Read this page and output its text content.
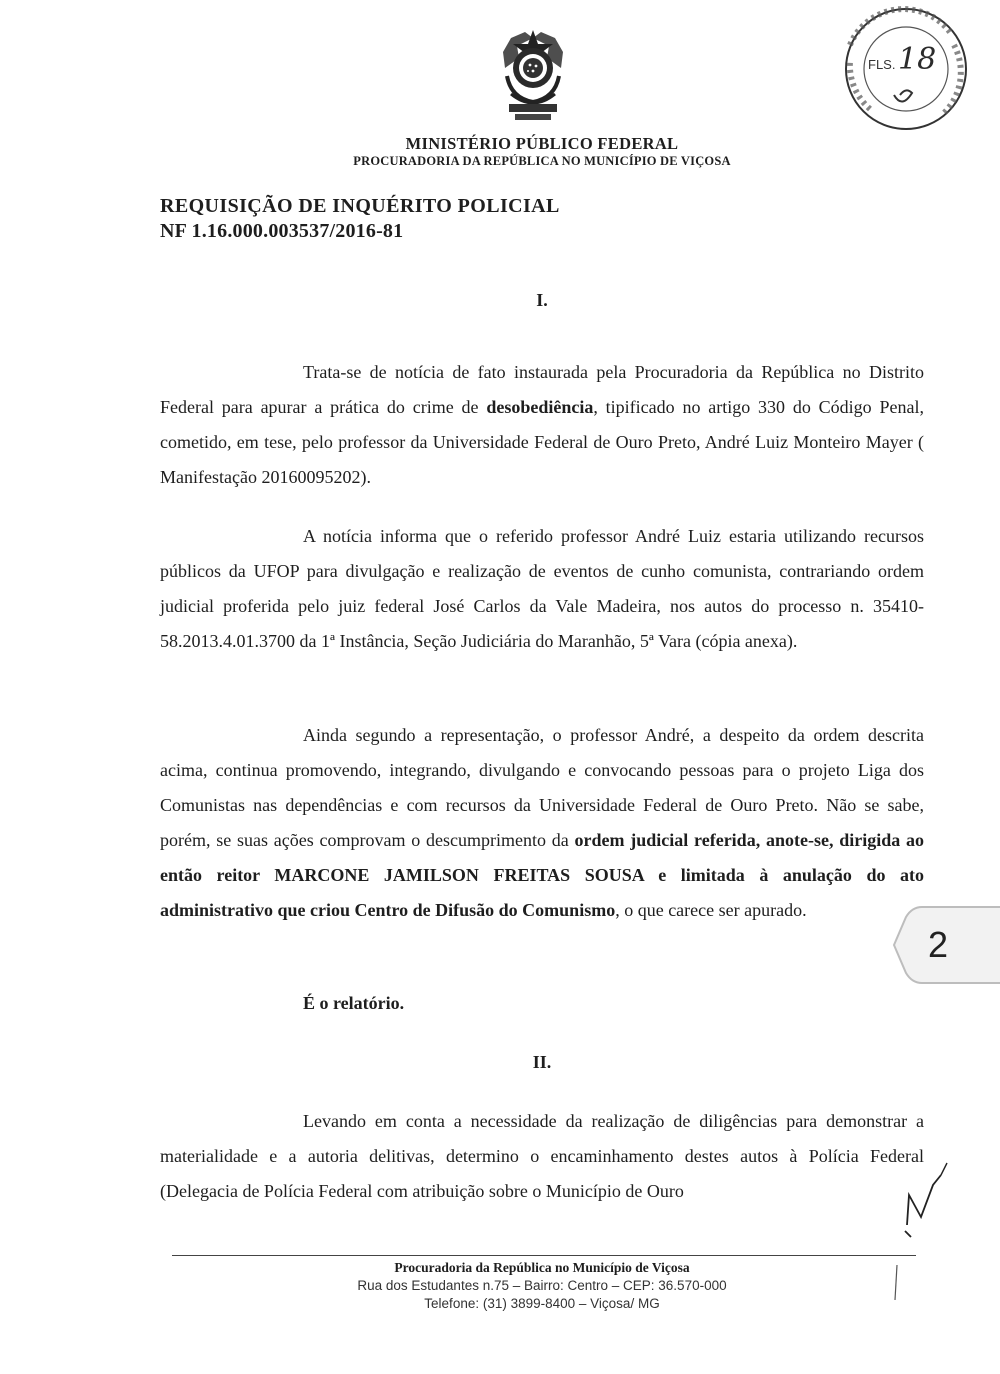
FLS. 18
MINISTÉRIO PÚBLICO FEDERAL
PROCURADORIA DA REPÚBLICA NO MUNICÍPIO DE VIÇOSA
REQUISIÇÃO DE INQUÉRITO POLICIAL
NF 1.16.000.003537/2016-81
I.
Trata-se de notícia de fato instaurada pela Procuradoria da República no Distrito Federal para apurar a prática do crime de desobediência, tipificado no artigo 330 do Código Penal, cometido, em tese, pelo professor da Universidade Federal de Ouro Preto, André Luiz Monteiro Mayer ( Manifestação 20160095202).
A notícia informa que o referido professor André Luiz estaria utilizando recursos públicos da UFOP para divulgação e realização de eventos de cunho comunista, contrariando ordem judicial proferida pelo juiz federal José Carlos da Vale Madeira, nos autos do processo n. 35410-58.2013.4.01.3700 da 1ª Instância, Seção Judiciária do Maranhão, 5ª Vara (cópia anexa).
Ainda segundo a representação, o professor André, a despeito da ordem descrita acima, continua promovendo, integrando, divulgando e convocando pessoas para o projeto Liga dos Comunistas nas dependências e com recursos da Universidade Federal de Ouro Preto. Não se sabe, porém, se suas ações comprovam o descumprimento da ordem judicial referida, anote-se, dirigida ao então reitor MARCONE JAMILSON FREITAS SOUSA e limitada à anulação do ato administrativo que criou Centro de Difusão do Comunismo, o que carece ser apurado.
É o relatório.
II.
Levando em conta a necessidade da realização de diligências para demonstrar a materialidade e a autoria delitivas, determino o encaminhamento destes autos à Polícia Federal (Delegacia de Polícia Federal com atribuição sobre o Município de Ouro
Procuradoria da República no Município de Viçosa
Rua dos Estudantes n.75 – Bairro: Centro – CEP: 36.570-000
Telefone: (31) 3899-8400 – Viçosa/ MG
2
